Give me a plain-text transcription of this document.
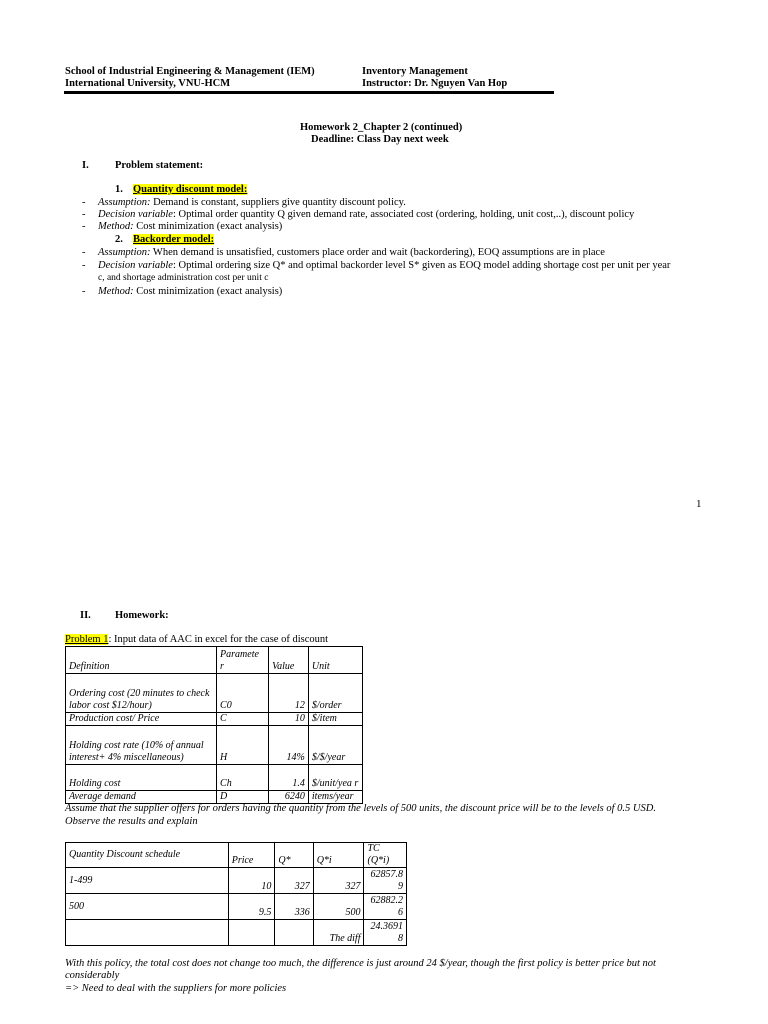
School of Industrial Engineering & Management (IEM)
International University, VNU-HCM
Inventory Management
Instructor: Dr. Nguyen Van Hop
Homework 2_Chapter 2 (continued)
Deadline: Class Day next week
I.	Problem statement:
1. Quantity discount model:
- Assumption: Demand is constant, suppliers give quantity discount policy.
- Decision variable: Optimal order quantity Q given demand rate, associated cost (ordering, holding, unit cost,..), discount policy
- Method: Cost minimization (exact analysis)
2. Backorder model:
- Assumption: When demand is unsatisfied, customers place order and wait (backordering), EOQ assumptions are in place
- Decision variable: Optimal ordering size Q* and optimal backorder level S* given as EOQ model adding shortage cost per unit per year
c, and shortage administration cost per unit c
- Method: Cost minimization (exact analysis)
1
II. Homework:
Problem 1: Input data of AAC in excel for the case of discount
Definition	Paramete r	Value	Unit
Ordering cost (20 minutes to check labor cost $12/hour)	C0	12	$/order
Production cost/ Price	C	10	$/item
Holding cost rate (10% of annual interest+ 4% miscellaneous)	H	14%	$/$/year
Holding cost	Ch	1.4	$/unit/yea r
Average demand	D	6240	items/year
Assume that the supplier offers for orders having the quantity from the levels of 500 units, the discount price will be to the levels of 0.5 USD.
Observe the results and explain
Quantity Discount schedule	Price	Q*	Q*i	TC (Q*i)
1-499	10	327	327	62857.8 9
500	9.5	336	500	62882.2 6
			The diff	24.3691 8
With this policy, the total cost does not change too much, the difference is just around 24 $/year, though the first policy is better price but not
considerably
=> Need to deal with the suppliers for more policies
